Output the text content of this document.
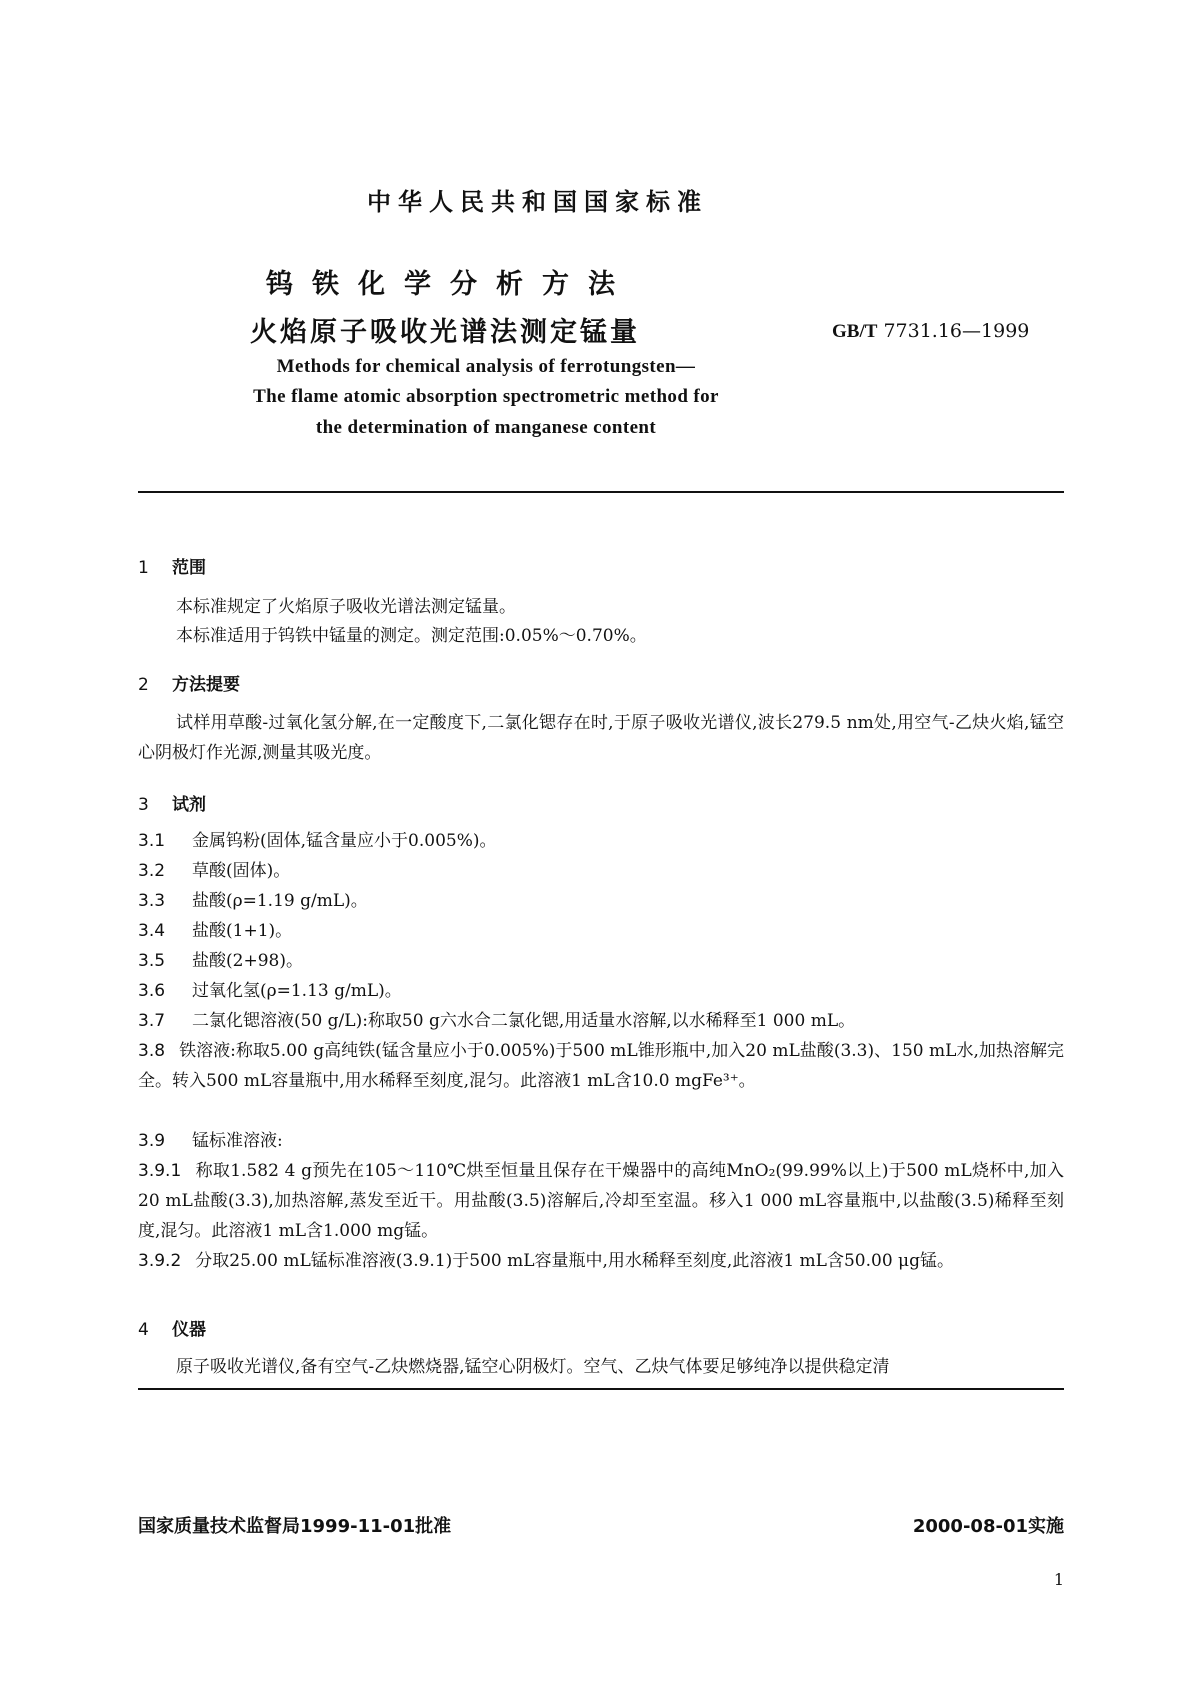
中华人民共和国国家标准
钨铁化学分析方法
火焰原子吸收光谱法测定锰量	GB/T 7731.16—1999
Methods for chemical analysis of ferrotungsten—
The flame atomic absorption spectrometric method for
the determination of manganese content
1 范围
本标准规定了火焰原子吸收光谱法测定锰量。
本标准适用于钨铁中锰量的测定。测定范围:0.05%～0.70%。
2 方法提要
试样用草酸-过氧化氢分解,在一定酸度下,二氯化锶存在时,于原子吸收光谱仪,波长279.5 nm处,用空气-乙炔火焰,锰空心阴极灯作光源,测量其吸光度。
3 试剂
3.1 金属钨粉(固体,锰含量应小于0.005%)。
3.2 草酸(固体)。
3.3 盐酸(ρ=1.19 g/mL)。
3.4 盐酸(1+1)。
3.5 盐酸(2+98)。
3.6 过氧化氢(ρ=1.13 g/mL)。
3.7 二氯化锶溶液(50 g/L):称取50 g六水合二氯化锶,用适量水溶解,以水稀释至1 000 mL。
3.8 铁溶液:称取5.00 g高纯铁(锰含量应小于0.005%)于500 mL锥形瓶中,加入20 mL盐酸(3.3)、150 mL水,加热溶解完全。转入500 mL容量瓶中,用水稀释至刻度,混匀。此溶液1 mL含10.0 mgFe³⁺。
3.9 锰标准溶液:
3.9.1 称取1.582 4 g预先在105～110℃烘至恒量且保存在干燥器中的高纯MnO₂(99.99%以上)于500 mL烧杯中,加入20 mL盐酸(3.3),加热溶解,蒸发至近干。用盐酸(3.5)溶解后,冷却至室温。移入1 000 mL容量瓶中,以盐酸(3.5)稀释至刻度,混匀。此溶液1 mL含1.000 mg锰。
3.9.2 分取25.00 mL锰标准溶液(3.9.1)于500 mL容量瓶中,用水稀释至刻度,此溶液1 mL含50.00 μg锰。
4 仪器
原子吸收光谱仪,备有空气-乙炔燃烧器,锰空心阴极灯。空气、乙炔气体要足够纯净以提供稳定清
国家质量技术监督局1999-11-01批准	2000-08-01实施
1
